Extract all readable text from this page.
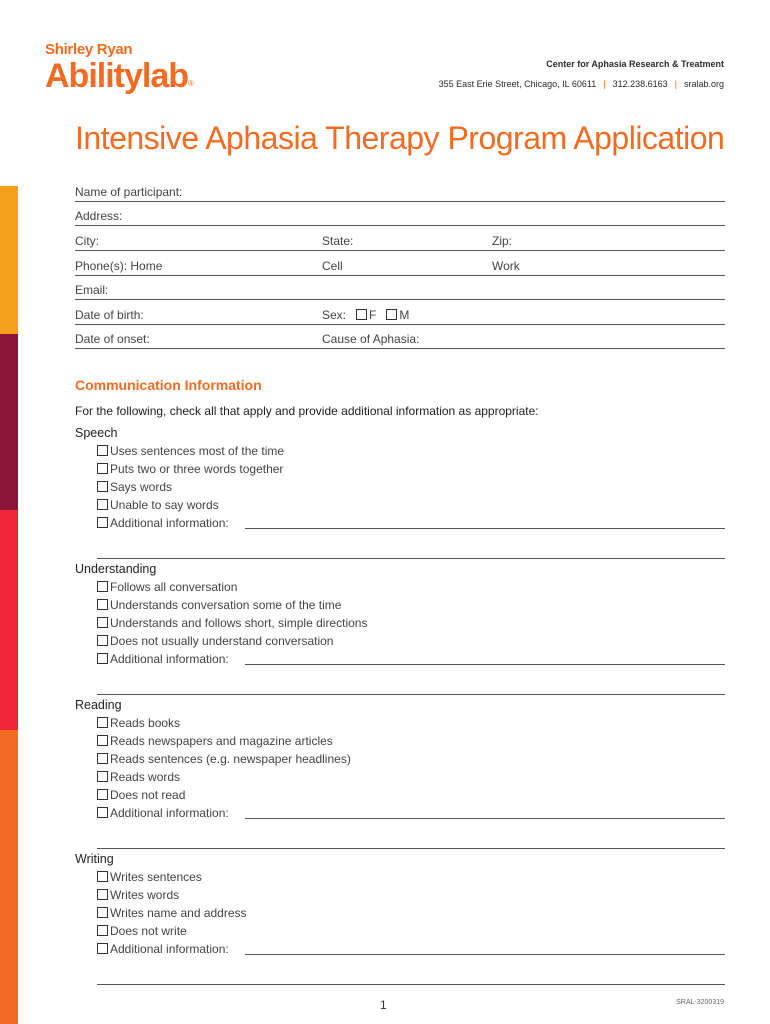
Shirley Ryan
Abilitylab®
Center for Aphasia Research & Treatment
355 East Erie Street, Chicago, IL 60611 | 312.238.6163 | sralab.org
Intensive Aphasia Therapy Program Application
Name of participant:
Address:
City:	State:	Zip:
Phone(s): Home	Cell	Work
Email:
Date of birth:	Sex: F M
Date of onset:	Cause of Aphasia:
Communication Information
For the following, check all that apply and provide additional information as appropriate:
Speech
Uses sentences most of the time
Puts two or three words together
Says words
Unable to say words
Additional information:
Understanding
Follows all conversation
Understands conversation some of the time
Understands and follows short, simple directions
Does not usually understand conversation
Additional information:
Reading
Reads books
Reads newspapers and magazine articles
Reads sentences (e.g. newspaper headlines)
Reads words
Does not read
Additional information:
Writing
Writes sentences
Writes words
Writes name and address
Does not write
Additional information:
1	SRAL-3200319
